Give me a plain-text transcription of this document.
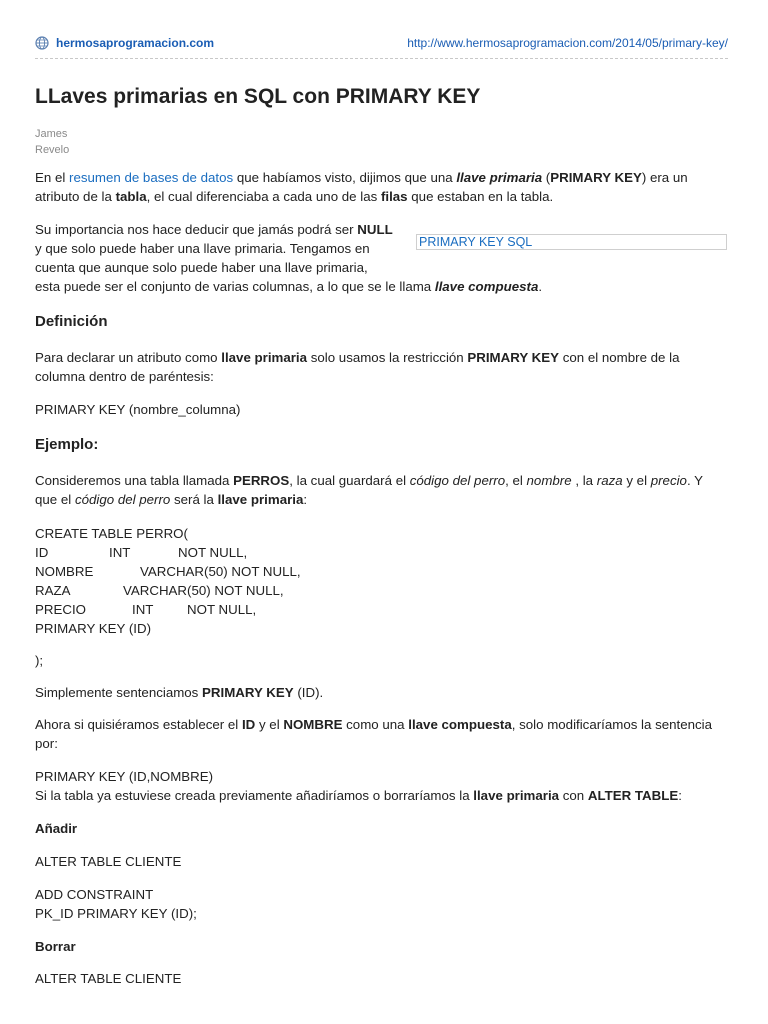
hermosaprogramacion.com	http://www.hermosaprogramacion.com/2014/05/primary-key/
LLaves primarias en SQL con PRIMARY KEY
James
Revelo

En el resumen de bases de datos que habíamos visto, dijimos que una llave primaria (PRIMARY KEY) era un
atributo de la tabla, el cual diferenciaba a cada uno de las filas que estaban en la tabla.

Su importancia nos hace deducir que jamás podrá ser NULL
y que solo puede haber una llave primaria. Tengamos en
cuenta que aunque solo puede haber una llave primaria,
esta puede ser el conjunto de varias columnas, a lo que se le llama llave compuesta.

PRIMARY KEY SQL
Definición

Para declarar un atributo como llave primaria solo usamos la restricción PRIMARY KEY con el nombre de la
columna dentro de paréntesis:

PRIMARY KEY (nombre_columna)

Ejemplo:

Consideremos una tabla llamada PERROS, la cual guardará el código del perro, el nombre , la raza y el precio. Y
que el código del perro será la llave primaria:

CREATE TABLE PERRO(
ID	INT	NOT NULL,
NOMBRE	VARCHAR(50) NOT NULL,
RAZA	VARCHAR(50) NOT NULL,
PRECIO	INT	NOT NULL,
PRIMARY KEY (ID)

);

Simplemente sentenciamos PRIMARY KEY (ID).

Ahora si quisiéramos establecer el ID y el NOMBRE como una llave compuesta, solo modificaríamos la sentencia
por:

PRIMARY KEY (ID,NOMBRE)
Si la tabla ya estuviese creada previamente añadiríamos o borraríamos la llave primaria con ALTER TABLE:

Añadir

ALTER TABLE CLIENTE

ADD CONSTRAINT
PK_ID PRIMARY KEY (ID);

Borrar

ALTER TABLE CLIENTE
